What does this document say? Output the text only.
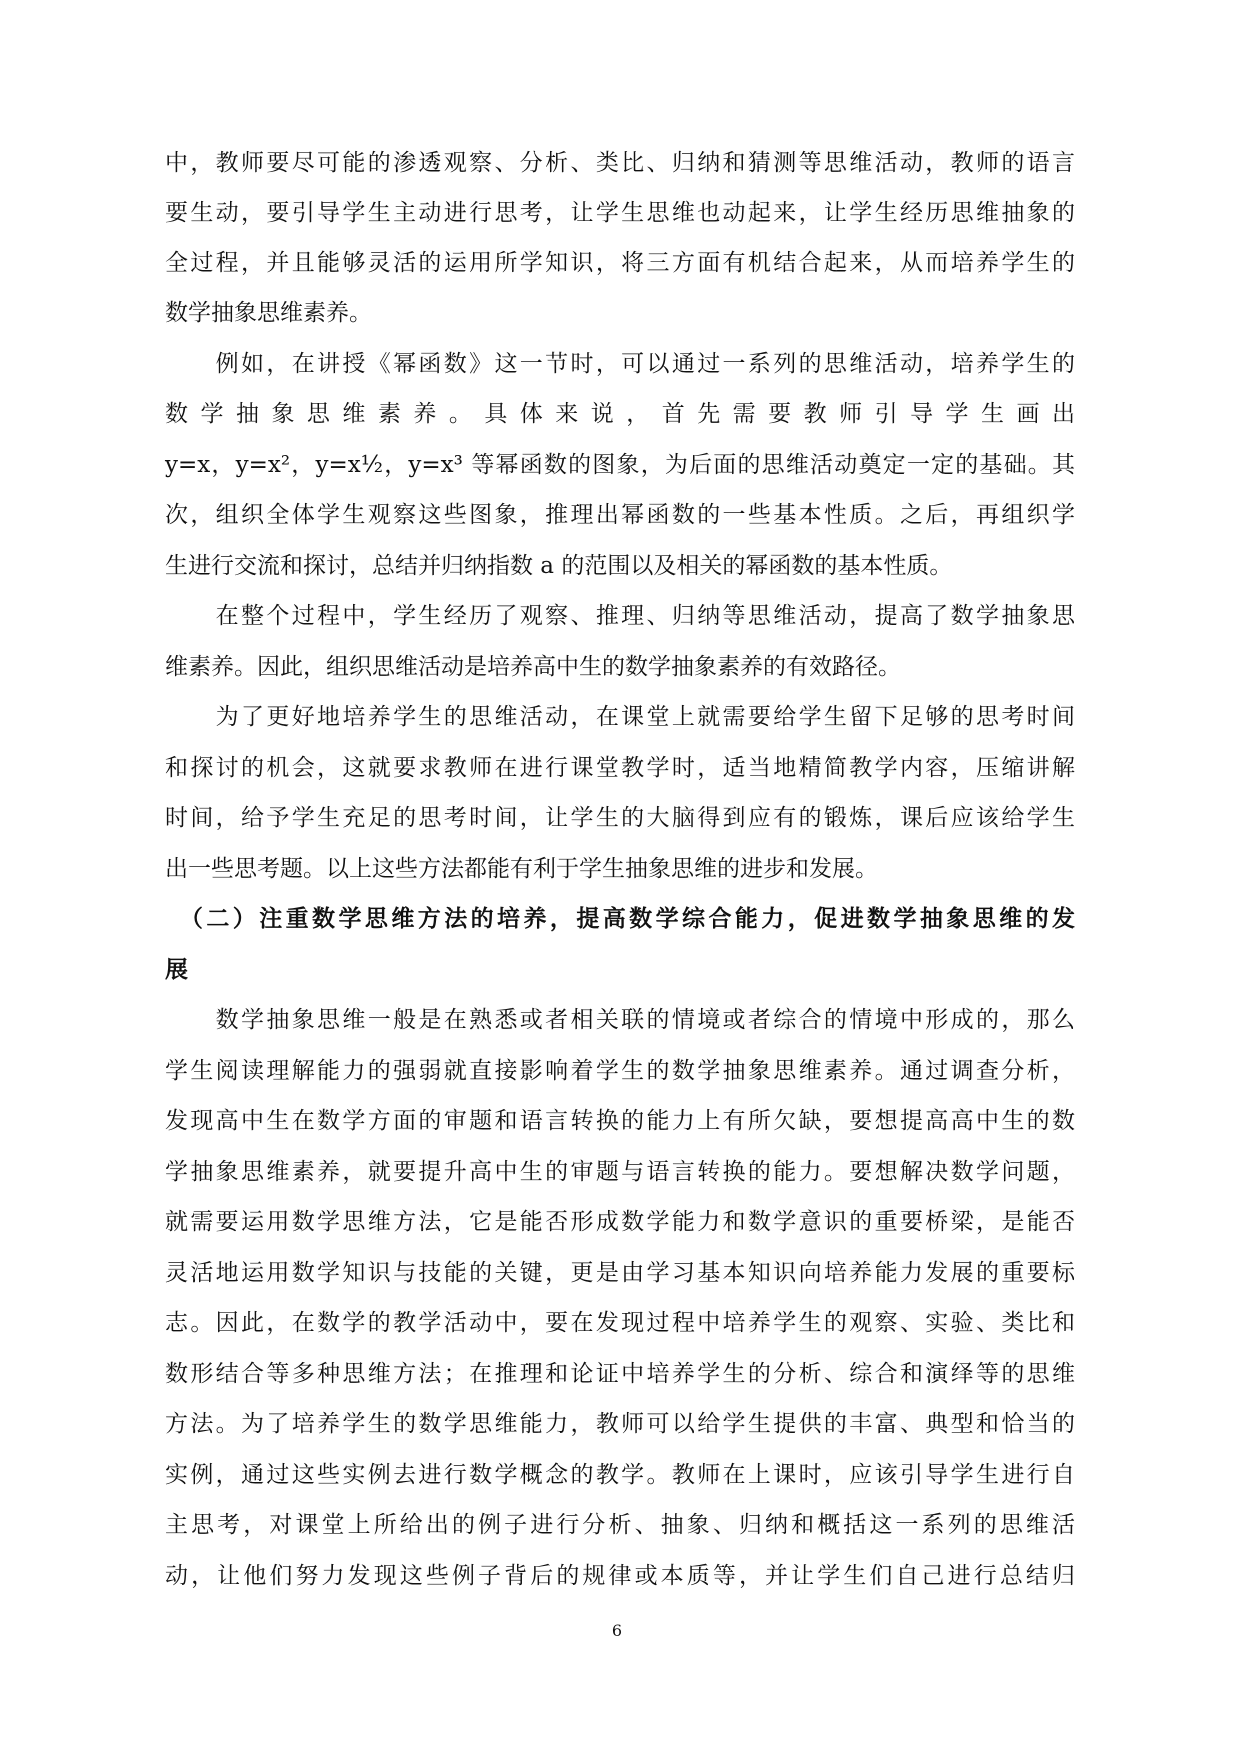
中，教师要尽可能的渗透观察、分析、类比、归纳和猜测等思维活动，教师的语言
要生动，要引导学生主动进行思考，让学生思维也动起来，让学生经历思维抽象的
全过程，并且能够灵活的运用所学知识，将三方面有机结合起来，从而培养学生的
数学抽象思维素养。
　　例如，在讲授《幂函数》这一节时，可以通过一系列的思维活动，培养学生的
数 学 抽 象 思 维 素 养 。 具 体 来 说 ， 首 先 需 要 教 师 引 导 学 生 画 出
y=x，y=x²，y=x½，y=x³ 等幂函数的图象，为后面的思维活动奠定一定的基础。其
次，组织全体学生观察这些图象，推理出幂函数的一些基本性质。之后，再组织学
生进行交流和探讨，总结并归纳指数 a 的范围以及相关的幂函数的基本性质。
　　在整个过程中，学生经历了观察、推理、归纳等思维活动，提高了数学抽象思
维素养。因此，组织思维活动是培养高中生的数学抽象素养的有效路径。
　　为了更好地培养学生的思维活动，在课堂上就需要给学生留下足够的思考时间
和探讨的机会，这就要求教师在进行课堂教学时，适当地精简教学内容，压缩讲解
时间，给予学生充足的思考时间，让学生的大脑得到应有的锻炼，课后应该给学生
出一些思考题。以上这些方法都能有利于学生抽象思维的进步和发展。
　（二）注重数学思维方法的培养，提高数学综合能力，促进数学抽象思维的发
展
　　数学抽象思维一般是在熟悉或者相关联的情境或者综合的情境中形成的，那么
学生阅读理解能力的强弱就直接影响着学生的数学抽象思维素养。通过调查分析，
发现高中生在数学方面的审题和语言转换的能力上有所欠缺，要想提高高中生的数
学抽象思维素养，就要提升高中生的审题与语言转换的能力。要想解决数学问题，
就需要运用数学思维方法，它是能否形成数学能力和数学意识的重要桥梁，是能否
灵活地运用数学知识与技能的关键，更是由学习基本知识向培养能力发展的重要标
志。因此，在数学的教学活动中，要在发现过程中培养学生的观察、实验、类比和
数形结合等多种思维方法；在推理和论证中培养学生的分析、综合和演绎等的思维
方法。为了培养学生的数学思维能力，教师可以给学生提供的丰富、典型和恰当的
实例，通过这些实例去进行数学概念的教学。教师在上课时，应该引导学生进行自
主思考，对课堂上所给出的例子进行分析、抽象、归纳和概括这一系列的思维活
动，让他们努力发现这些例子背后的规律或本质等，并让学生们自己进行总结归
6
